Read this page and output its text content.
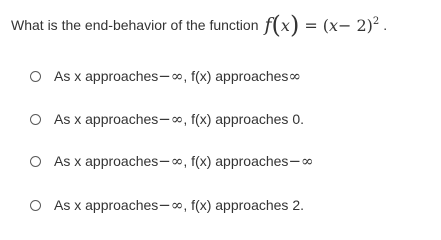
What is the end-behavior of the function f ( x ) = ( x − 2)$^2$ .
As x approaches −∞ , f(x) approaches ∞
As x approaches −∞ , f(x) approaches 0.
As x approaches −∞ , f(x) approaches −∞
As x approaches −∞ , f(x) approaches 2.
